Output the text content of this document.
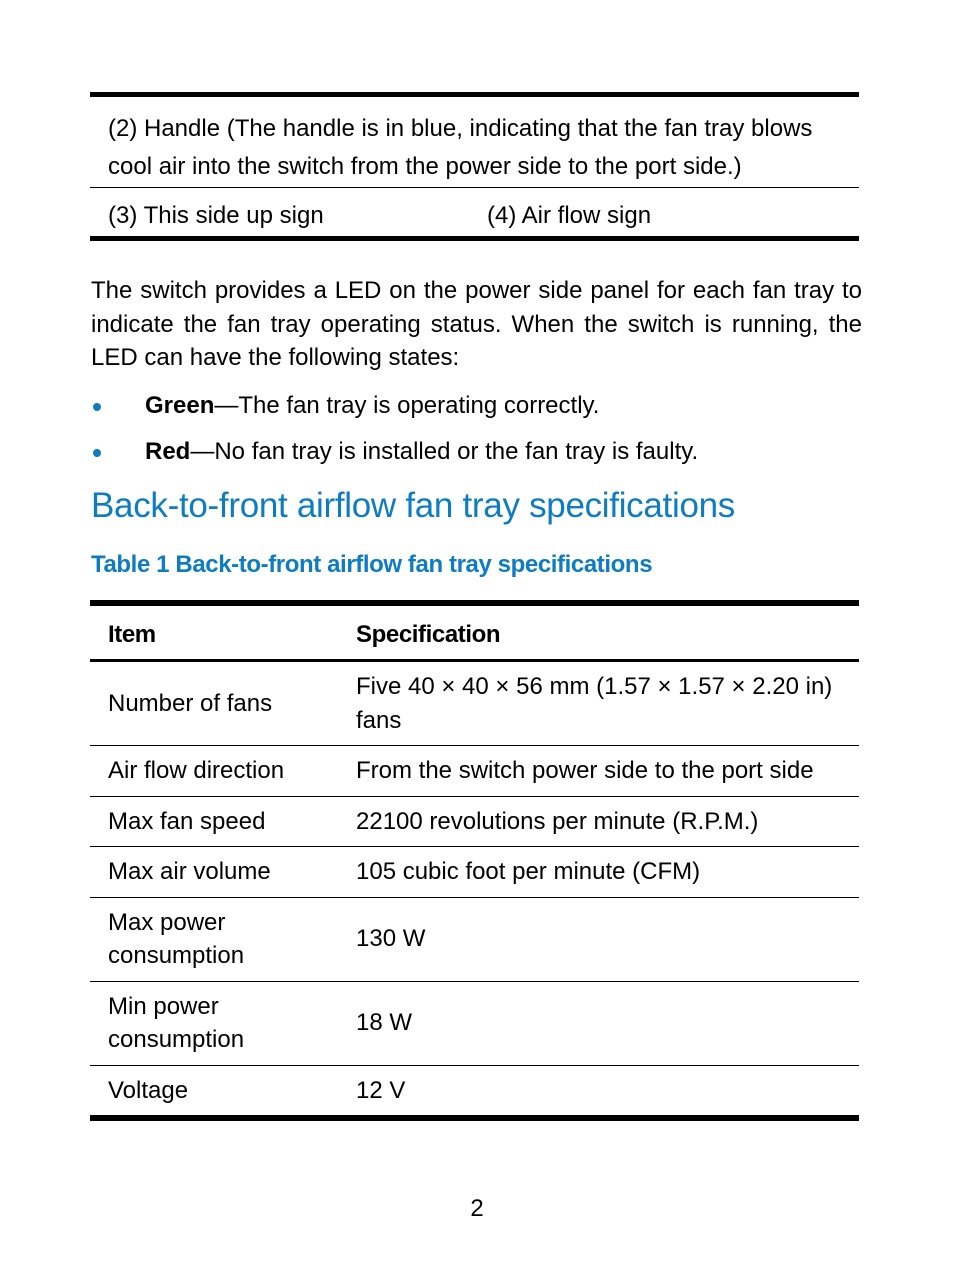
(2) Handle (The handle is in blue, indicating that the fan tray blows cool air into the switch from the power side to the port side.)
(3) This side up sign	(4) Air flow sign

The switch provides a LED on the power side panel for each fan tray to indicate the fan tray operating status. When the switch is running, the LED can have the following states:

Green—The fan tray is operating correctly.
Red—No fan tray is installed or the fan tray is faulty.
Back-to-front airflow fan tray specifications
Table 1 Back-to-front airflow fan tray specifications
Item	Specification
Number of fans	Five 40 × 40 × 56 mm (1.57 × 1.57 × 2.20 in) fans
Air flow direction	From the switch power side to the port side
Max fan speed	22100 revolutions per minute (R.P.M.)
Max air volume	105 cubic foot per minute (CFM)
Max power consumption	130 W
Min power consumption	18 W
Voltage	12 V
2
